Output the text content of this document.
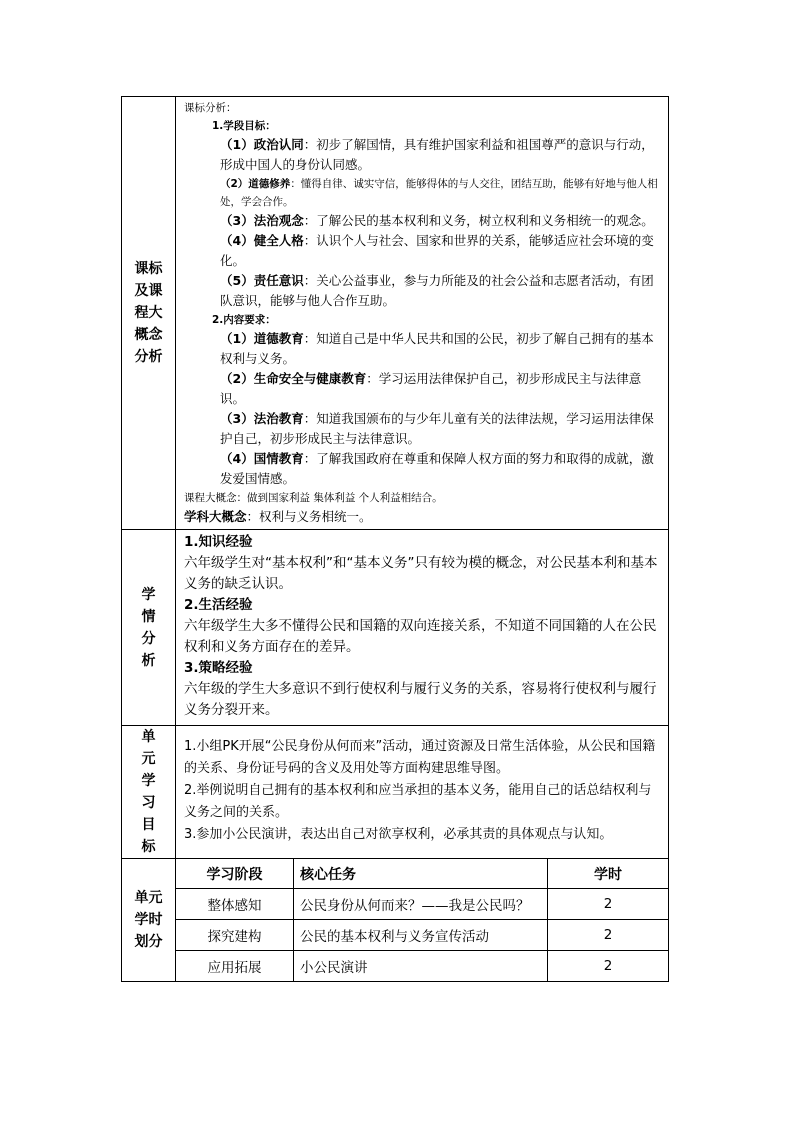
课标
及课
程大
概念
分析

课标分析：

1.学段目标：

（1）政治认同：初步了解国情，具有维护国家利益和祖国尊严的意识与行动，形成中国人的身份认同感。

（2）道德修养：懂得自律、诚实守信，能够得体的与人交往，团结互助，能够有好地与他人相处，学会合作。

（3）法治观念：了解公民的基本权利和义务，树立权利和义务相统一的观念。

（4）健全人格：认识个人与社会、国家和世界的关系，能够适应社会环境的变化。

（5）责任意识：关心公益事业，参与力所能及的社会公益和志愿者活动，有团队意识，能够与他人合作互助。

2.内容要求：

（1）道德教育：知道自己是中华人民共和国的公民，初步了解自己拥有的基本权利与义务。

（2）生命安全与健康教育：学习运用法律保护自己，初步形成民主与法律意识。

（3）法治教育：知道我国颁布的与少年儿童有关的法律法规，学习运用法律保护自己，初步形成民主与法律意识。

（4）国情教育：了解我国政府在尊重和保障人权方面的努力和取得的成就，激发爱国情感。

课程大概念：做到国家利益 集体利益 个人利益相结合。

学科大概念：权利与义务相统一。

学
情
分
析

1.知识经验

六年级学生对“基本权利”和“基本义务”只有较为模的概念，对公民基本利和基本义务的缺乏认识。

2.生活经验

六年级学生大多不懂得公民和国籍的双向连接关系，不知道不同国籍的人在公民权利和义务方面存在的差异。

3.策略经验

六年级的学生大多意识不到行使权利与履行义务的关系，容易将行使权利与履行义务分裂开来。

单
元
学
习
目
标

1.小组PK开展“公民身份从何而来”活动，通过资源及日常生活体验，从公民和国籍的关系、身份证号码的含义及用处等方面构建思维导图。

2.举例说明自己拥有的基本权利和应当承担的基本义务，能用自己的话总结权利与义务之间的关系。

3.参加小公民演讲，表达出自己对欲享权利，必承其责的具体观点与认知。

单元
学时
划分

学习阶段	核心任务	学时
整体感知	公民身份从何而来？——我是公民吗？	2
探究建构	公民的基本权利与义务宣传活动	2
应用拓展	小公民演讲	2
